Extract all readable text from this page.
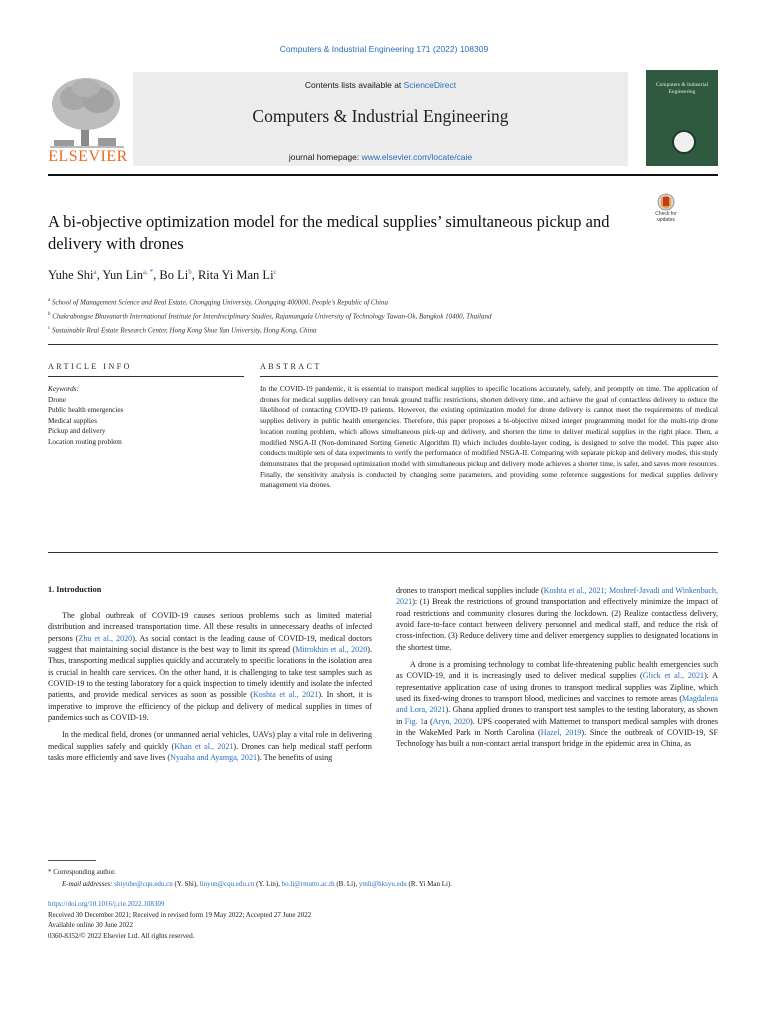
Computers & Industrial Engineering 171 (2022) 108309
ELSEVIER
Contents lists available at ScienceDirect
Computers & Industrial Engineering
journal homepage: www.elsevier.com/locate/caie
Computers & Industrial Engineering
A bi-objective optimization model for the medical supplies’ simultaneous pickup and delivery with drones
Check for updates
Yuhe Shi$^a$, Yun Lin$^{a, *}$, Bo Li$^b$, Rita Yi Man Li$^c$
$^a$ School of Management Science and Real Estate, Chongqing University, Chongqing 400000, People’s Republic of China
$^b$ Chakrabongse Bhuvanarth International Institute for Interdisciplinary Studies, Rajamangala University of Technology Tawan-Ok, Bangkok 10400, Thailand
$^c$ Sustainable Real Estate Research Center, Hong Kong Shue Yan University, Hong Kong, China
ARTICLE INFO	ABSTRACT
Keywords:
Drone
Public health emergencies
Medical supplies
Pickup and delivery
Location routing problem
In the COVID-19 pandemic, it is essential to transport medical supplies to specific locations accurately, safely, and promptly on time. The application of drones for medical supplies delivery can break ground traffic restrictions, shorten delivery time, and achieve the goal of contactless delivery to reduce the likelihood of contacting COVID-19 patients. However, the existing optimization model for drone delivery is cannot meet the requirements of medical supplies delivery in public health emergencies. Therefore, this paper proposes a bi-objective mixed integer programming model for the multi-trip drone location routing problem, which allows simultaneous pick-up and delivery, and shorten the time to deliver medical supplies in the right place. Then, a modified NSGA-II (Non-dominated Sorting Genetic Algorithm II) which includes double-layer coding, is designed to solve the model. This paper also conducts multiple sets of data experiments to verify the performance of modified NSGA-II. Comparing with separate pickup and delivery modes, this study demonstrates that the proposed optimization model with simultaneous pickup and delivery mode achieves a shorter time, is safer, and saves more resources. Finally, the sensitivity analysis is conducted by changing some parameters, and providing some reference suggestions for medical supplies delivery management via drones.
1. Introduction

The global outbreak of COVID-19 causes serious problems such as limited material distribution and increased transportation time. All these results in unnecessary deaths of infected persons (Zhu et al., 2020). As social contact is the leading cause of COVID-19, medical doctors suggest that maintaining social distance is the best way to limit its spread (Mitrokhin et al., 2020). Thus, transporting medical supplies quickly and accurately to specific locations in the isolation area is crucial in health care services. On the other hand, it is challenging to take test samples such as COVID-19 to the testing laboratory for a quick inspection to timely identify and isolate the infected patients, and provide medical services as soon as possible (Koshta et al., 2021). In short, it is imperative to improve the efficiency of the pickup and delivery of medical supplies in times of pandemics such as COVID-19.

In the medical field, drones (or unmanned aerial vehicles, UAVs) play a vital role in delivering medical supplies safely and quickly (Khan et al., 2021). Drones can help medical staff perform tasks more efficiently and save lives (Nyaaba and Ayamga, 2021). The benefits of using

drones to transport medical supplies include (Koshta et al., 2021; Moshref-Javadi and Winkenbach, 2021): (1) Break the restrictions of ground transportation and effectively minimize the impact of road restrictions and community closures during the lockdown. (2) Realize contactless delivery, avoid face-to-face contact between delivery personnel and medical staff, and reduce the risk of cross-infection. (3) Reduce delivery time and deliver emergency supplies to designated locations in the shortest time.

A drone is a promising technology to combat life-threatening public health emergencies such as COVID-19, and it is increasingly used to deliver medical supplies (Glick et al., 2021). A representative application case of using drones to transport medical supplies was Zipline, which used its fixed-wing drones to transport blood, medicines and vaccines to remote areas (Magdalena and Lora, 2021). Ghana applied drones to transport test samples to the testing laboratory, as shown in Fig. 1a (Aryn, 2020). UPS cooperated with Matternet to transport medical samples with drones in the WakeMed Park in North Carolina (Hazel, 2019). Since the outbreak of COVID-19, SF Technology has built a non-contact aerial transport bridge in the epidemic area in China, as

* Corresponding author.
E-mail addresses: shiyuhe@cqu.edu.cn (Y. Shi), linyun@cqu.edu.cn (Y. Lin), bo.li@rmutto.ac.th (B. Li), ymli@hksyu.edu (R. Yi Man Li).
https://doi.org/10.1016/j.cie.2022.108309
Received 30 December 2021; Received in revised form 19 May 2022; Accepted 27 June 2022
Available online 30 June 2022
0360-8352/© 2022 Elsevier Ltd. All rights reserved.
